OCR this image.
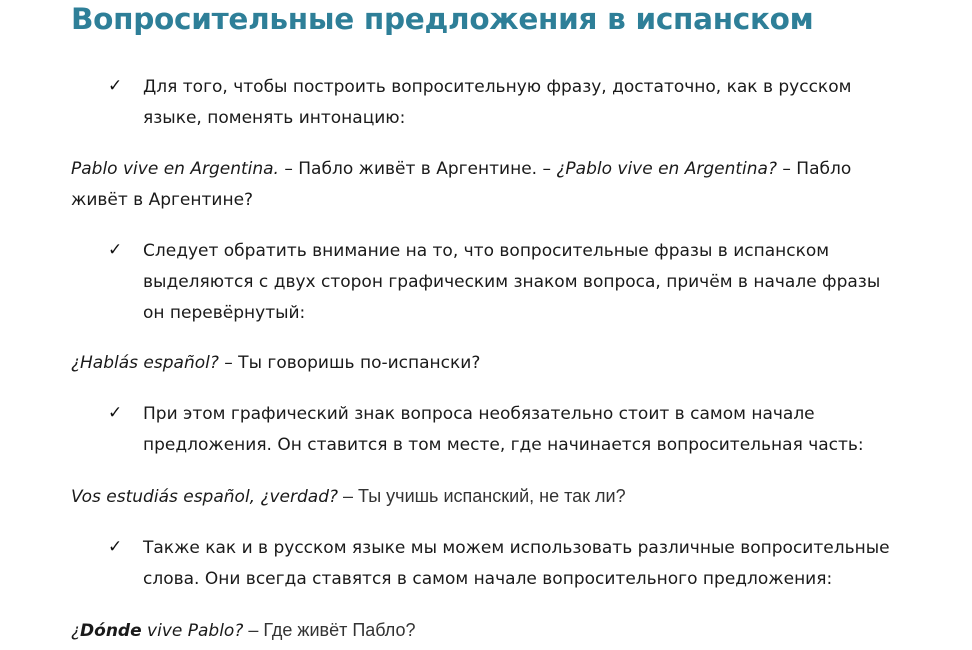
Вопросительные предложения в испанском
✓ Для того, чтобы построить вопросительную фразу, достаточно, как в русском
языке, поменять интонацию:
Pablo vive en Argentina. – Пабло живёт в Аргентине. – ¿Pablo vive en Argentina? – Пабло
живёт в Аргентине?
✓ Следует обратить внимание на то, что вопросительные фразы в испанском
выделяются с двух сторон графическим знаком вопроса, причём в начале фразы
он перевёрнутый:
¿Hablás español? – Ты говоришь по-испански?
✓ При этом графический знак вопроса необязательно стоит в самом начале
предложения. Он ставится в том месте, где начинается вопросительная часть:
Vos estudiás español, ¿verdad? – Ты учишь испанский, не так ли?
✓ Также как и в русском языке мы можем использовать различные вопросительные
слова. Они всегда ставятся в самом начале вопросительного предложения:
¿Dónde vive Pablo? – Где живёт Пабло?
